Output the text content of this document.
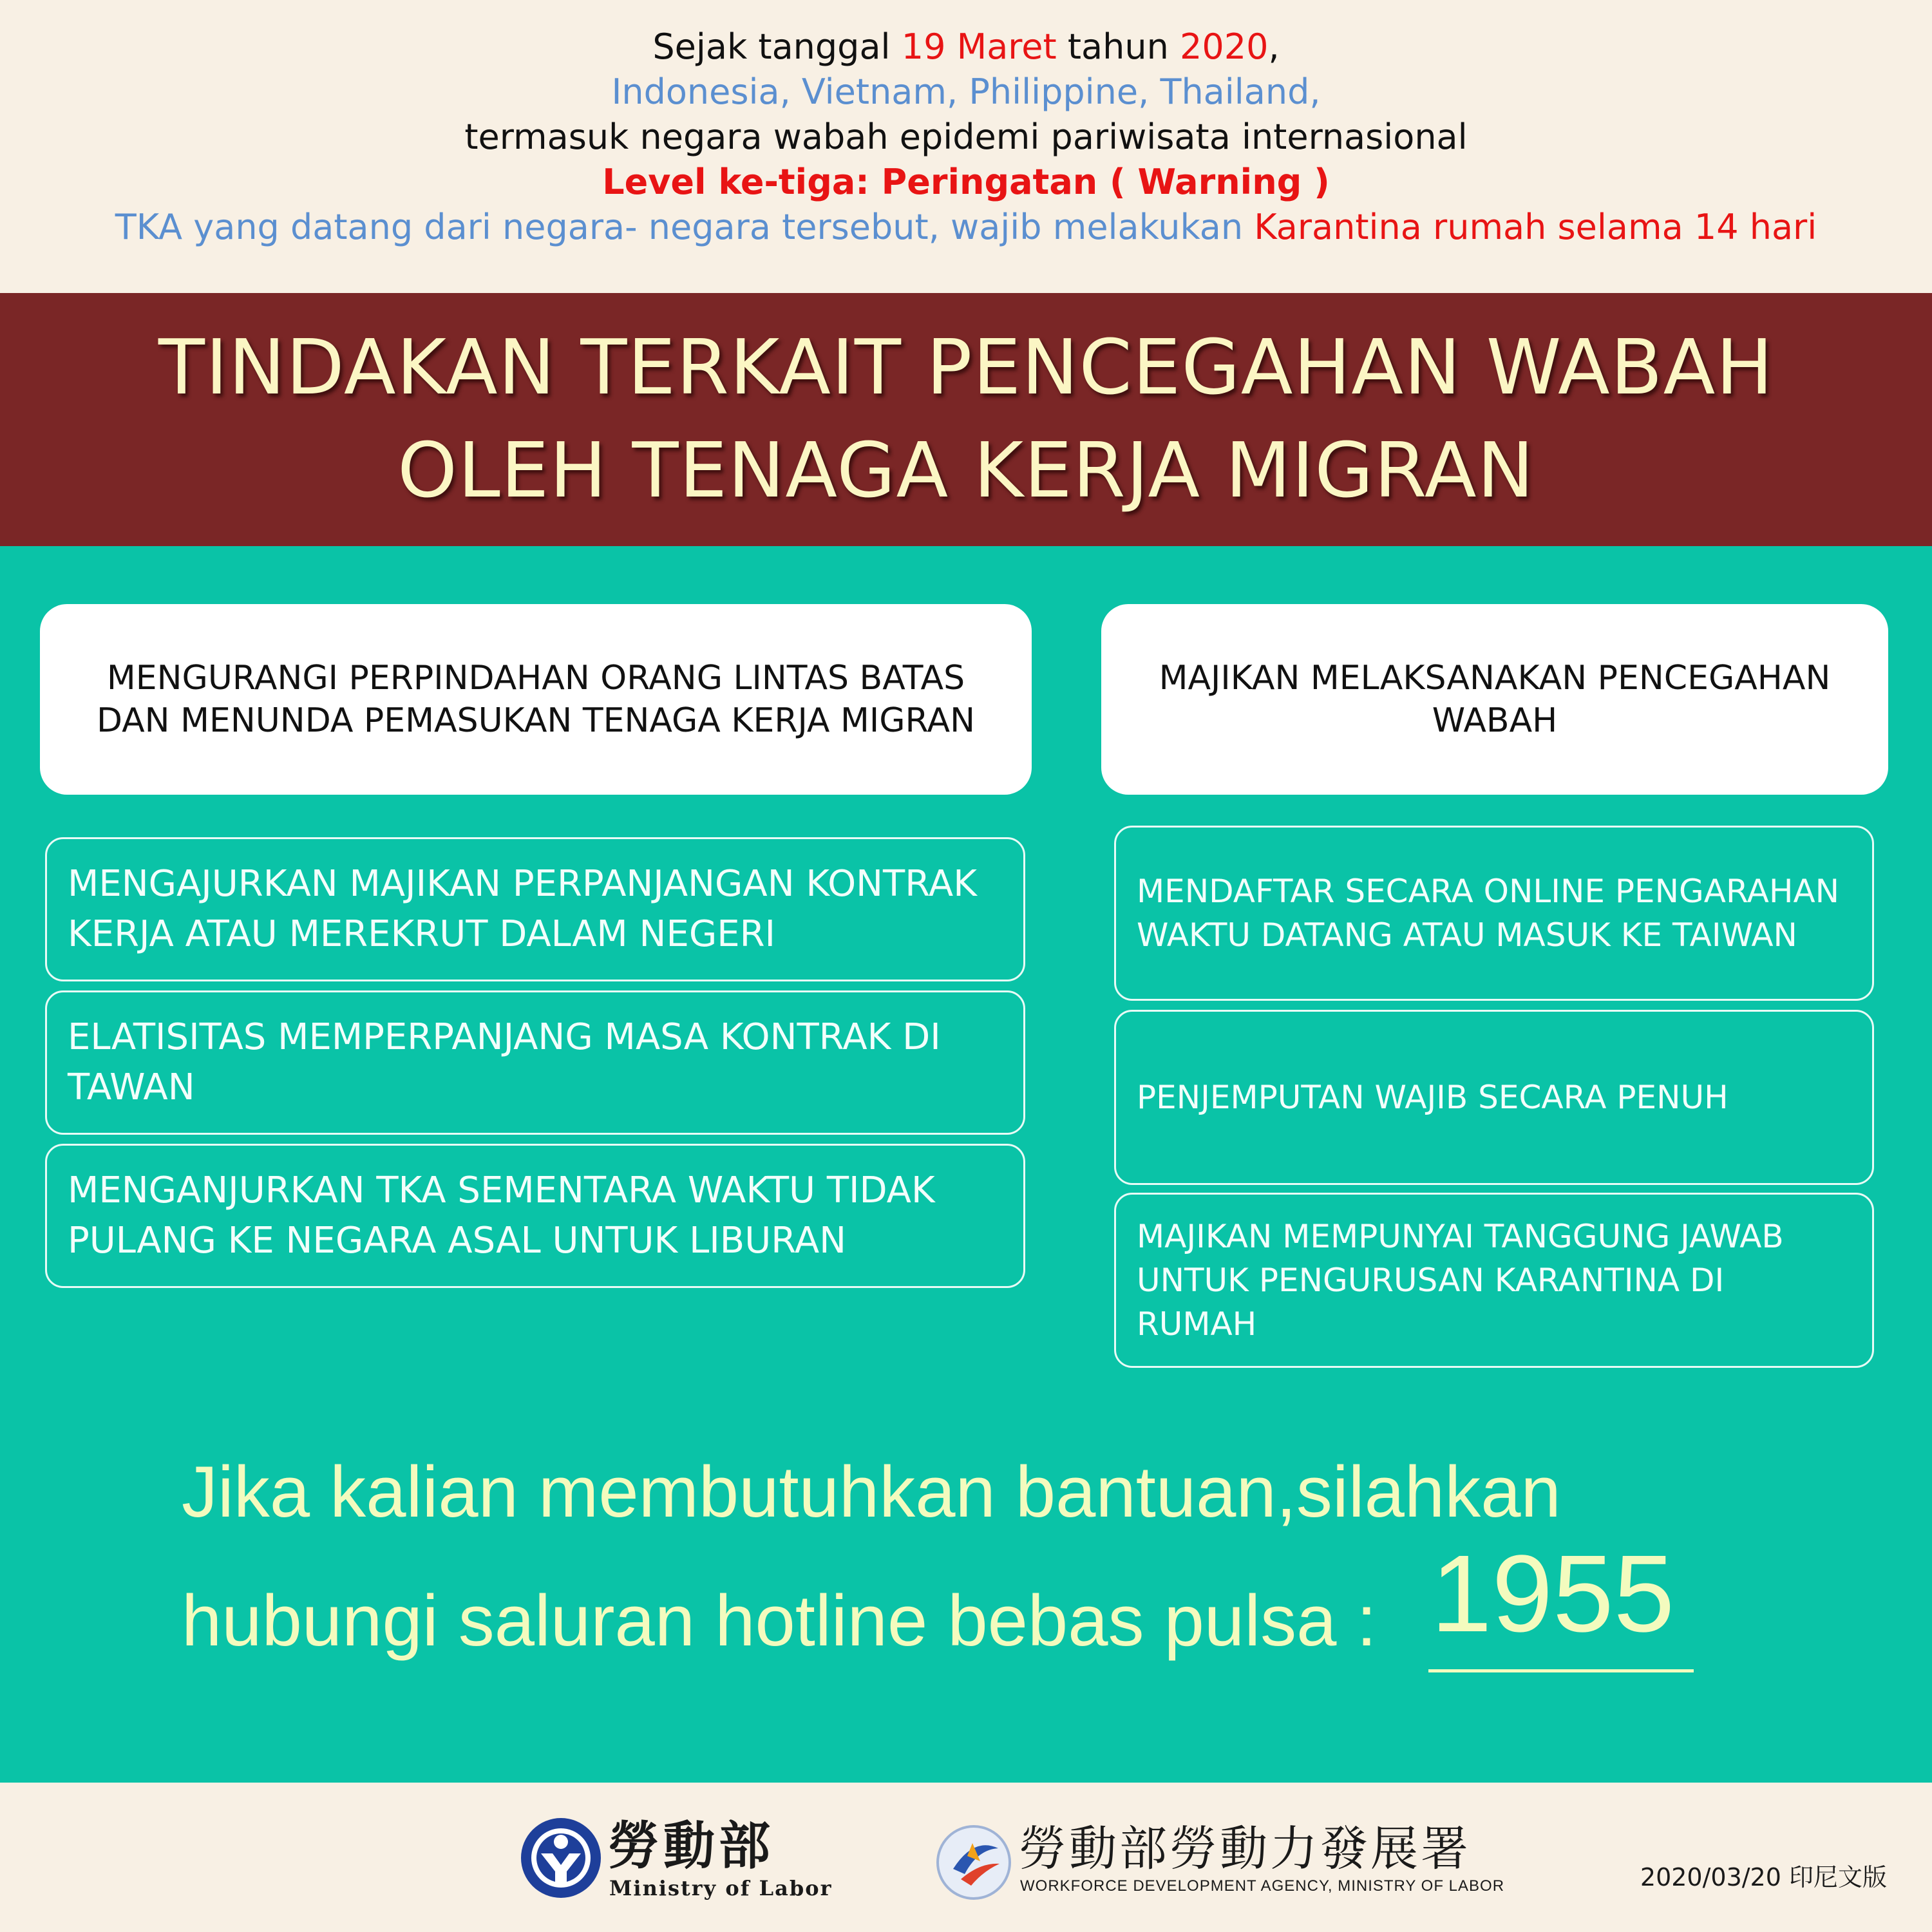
Sejak tanggal 19 Maret tahun 2020,
Indonesia, Vietnam, Philippine, Thailand,
termasuk negara wabah epidemi pariwisata internasional
Level ke-tiga: Peringatan ( Warning )
TKA yang datang dari negara- negara tersebut, wajib melakukan Karantina rumah selama 14 hari
TINDAKAN TERKAIT PENCEGAHAN WABAH
OLEH TENAGA KERJA MIGRAN
MENGURANGI PERPINDAHAN ORANG LINTAS BATAS DAN MENUNDA PEMASUKAN TENAGA KERJA MIGRAN
MAJIKAN MELAKSANAKAN PENCEGAHAN WABAH
MENGAJURKAN MAJIKAN PERPANJANGAN KONTRAK KERJA ATAU MEREKRUT DALAM NEGERI
ELATISITAS MEMPERPANJANG MASA KONTRAK DI TAWAN
MENGANJURKAN TKA SEMENTARA WAKTU TIDAK PULANG KE NEGARA ASAL UNTUK LIBURAN
MENDAFTAR SECARA ONLINE PENGARAHAN WAKTU DATANG ATAU MASUK KE TAIWAN
PENJEMPUTAN WAJIB SECARA PENUH
MAJIKAN MEMPUNYAI TANGGUNG JAWAB UNTUK PENGURUSAN KARANTINA DI RUMAH
Jika kalian membutuhkan bantuan,silahkan
hubungi saluran hotline bebas pulsa : 1955
勞動部
Ministry of Labor
勞動部勞動力發展署
WORKFORCE DEVELOPMENT AGENCY, MINISTRY OF LABOR	2020/03/20 印尼文版
